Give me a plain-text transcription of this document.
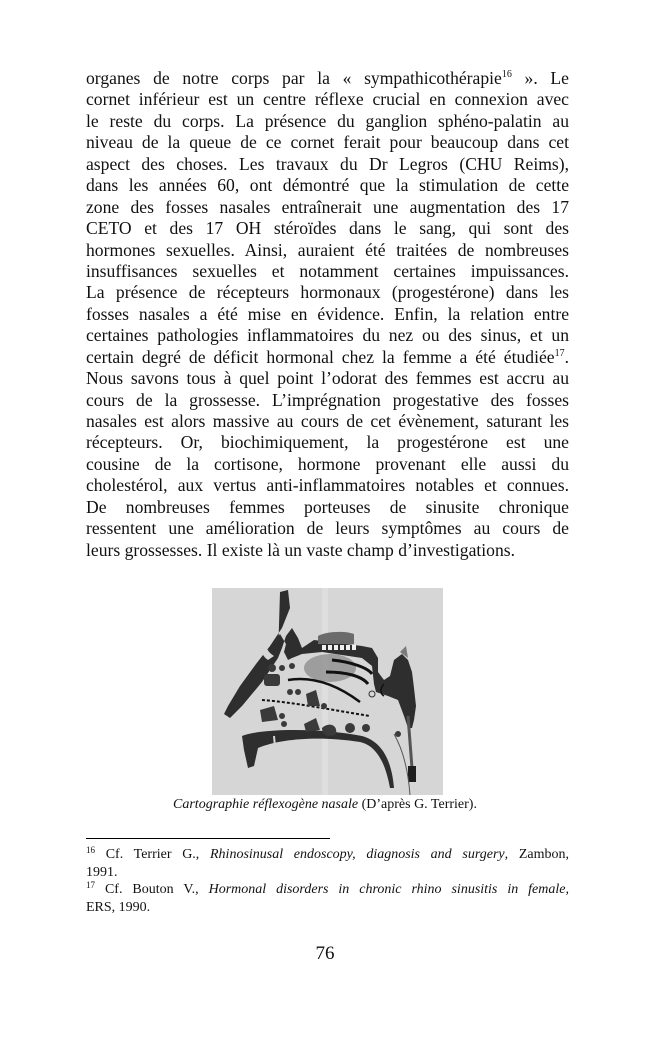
organes de notre corps par la « sympathicothérapie$^{16}$ ». Le
cornet inférieur est un centre réflexe crucial en connexion avec
le reste du corps. La présence du ganglion sphéno-palatin au
niveau de la queue de ce cornet ferait pour beaucoup dans cet
aspect des choses. Les travaux du Dr Legros (CHU Reims),
dans les années 60, ont démontré que la stimulation de cette
zone des fosses nasales entraînerait une augmentation des 17
CETO et des 17 OH stéroïdes dans le sang, qui sont des
hormones sexuelles. Ainsi, auraient été traitées de nombreuses
insuffisances sexuelles et notamment certaines impuissances.
La présence de récepteurs hormonaux (progestérone) dans les
fosses nasales a été mise en évidence. Enfin, la relation entre
certaines pathologies inflammatoires du nez ou des sinus, et un
certain degré de déficit hormonal chez la femme a été étudiée$^{17}$.
Nous savons tous à quel point l’odorat des femmes est accru au
cours de la grossesse. L’imprégnation progestative des fosses
nasales est alors massive au cours de cet évènement, saturant les
récepteurs. Or, biochimiquement, la progestérone est une
cousine de la cortisone, hormone provenant elle aussi du
cholestérol, aux vertus anti-inflammatoires notables et connues.
De nombreuses femmes porteuses de sinusite chronique
ressentent une amélioration de leurs symptômes au cours de
leurs grossesses. Il existe là un vaste champ d’investigations.
Cartographie réflexogène nasale (D’après G. Terrier).
$^{16}$ Cf. Terrier G., Rhinosinusal endoscopy, diagnosis and surgery, Zambon,
1991.
$^{17}$ Cf. Bouton V., Hormonal disorders in chronic rhino sinusitis in female,
ERS, 1990.
76
